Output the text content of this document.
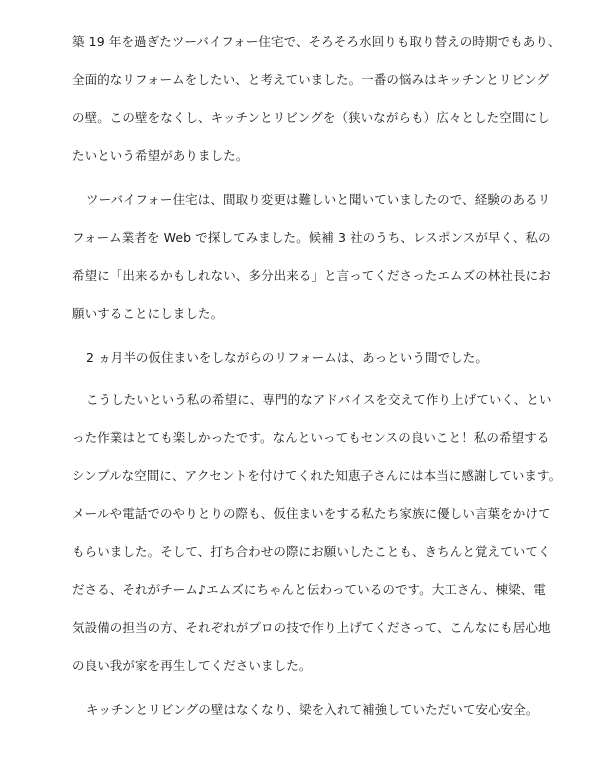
築 19 年を過ぎたツーバイフォー住宅で、そろそろ水回りも取り替えの時期でもあり、

全面的なリフォームをしたい、と考えていました。一番の悩みはキッチンとリビング

の壁。この壁をなくし、キッチンとリビングを（狭いながらも）広々とした空間にし

たいという希望がありました。

ツーバイフォー住宅は、間取り変更は難しいと聞いていましたので、経験のあるリ

フォーム業者を Web で探してみました。候補 3 社のうち、レスポンスが早く、私の

希望に「出来るかもしれない、多分出来る」と言ってくださったエムズの林社長にお

願いすることにしました。

2 ヵ月半の仮住まいをしながらのリフォームは、あっという間でした。

こうしたいという私の希望に、専門的なアドバイスを交えて作り上げていく、とい

った作業はとても楽しかったです。なんといってもセンスの良いこと！私の希望する

シンプルな空間に、アクセントを付けてくれた知恵子さんには本当に感謝しています。

メールや電話でのやりとりの際も、仮住まいをする私たち家族に優しい言葉をかけて

もらいました。そして、打ち合わせの際にお願いしたことも、きちんと覚えていてく

ださる、それがチーム♪エムズにちゃんと伝わっているのです。大工さん、棟梁、電

気設備の担当の方、それぞれがプロの技で作り上げてくださって、こんなにも居心地

の良い我が家を再生してくださいました。

キッチンとリビングの壁はなくなり、梁を入れて補強していただいて安心安全。
